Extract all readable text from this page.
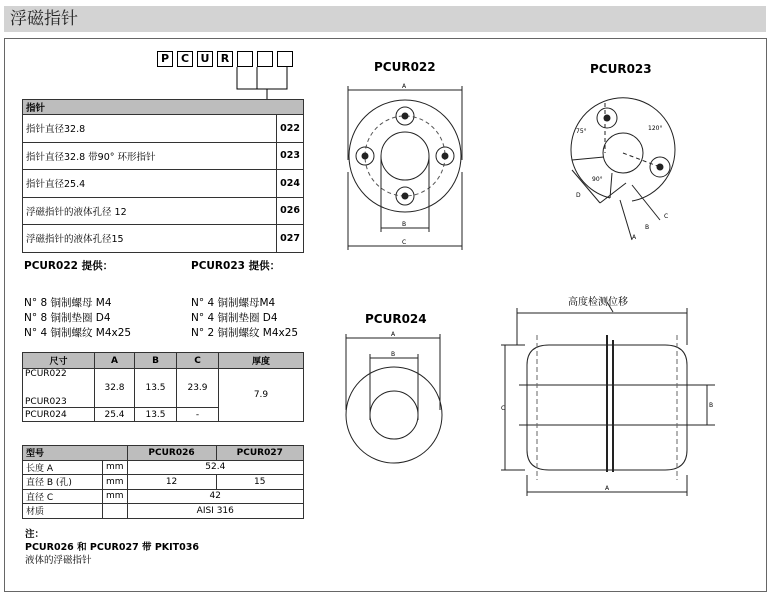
浮磁指针
P	C	U	R
指针	
指针直径32.8	022
指针直径32.8 带90° 环形指针	023
指针直径25.4	024
浮磁指针的液体孔径 12	026
浮磁指针的液体孔径15	027
PCUR022 提供：
N° 8 铜制螺母 M4
N° 8 铜制垫圈 D4
N° 4 铜制螺纹 M4x25
PCUR023 提供：
N° 4 铜制螺母M4
N° 4 铜制垫圈 D4
N° 2 铜制螺纹 M4x25
尺寸	A	B	C	厚度
PCUR022	32.8	13.5	23.9	7.9
PCUR023				
PCUR024	25.4	13.5	-	
型号		PCUR026	PCUR027
长度 A	mm	52.4	
直径 B (孔)	mm	12	15
直径 C	mm	42	
材质		AISI 316	
注：
PCUR026 和 PCUR027 带 PKIT036
液体的浮磁指针
PCUR022	PCUR023
PCUR024
高度检测位移
A
B
C
75°	120°
90°
D
C
B
A
A
B
C	B
A
